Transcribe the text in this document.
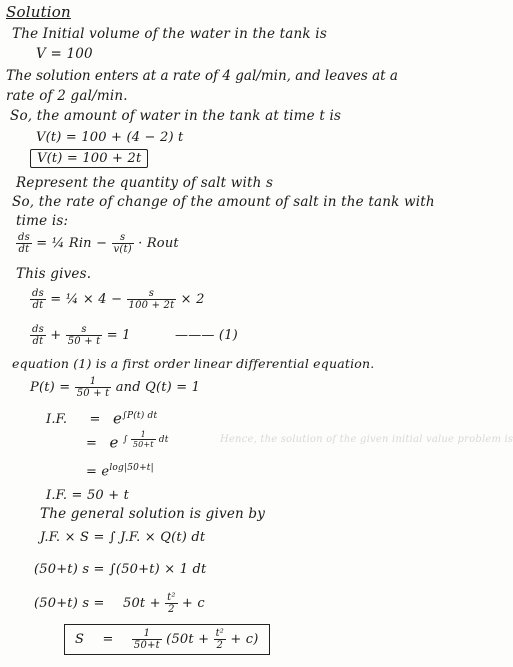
Solution
The Initial volume of the water in the tank is
V = 100
The solution enters at a rate of 4 gal/min, and leaves at a
rate of 2 gal/min.
So, the amount of water in the tank at time t is
V(t) = 100 + (4 − 2) t
V(t) = 100 + 2t
Represent the quantity of salt with s
So, the rate of change of the amount of salt in the tank with
time is:
$\frac{ds}{dt}$ = ¼ Rin − $\frac{s}{v(t)}$ · Rout
This gives.
$\frac{ds}{dt}$ = ¼ × $4 - \frac{s}{100 + 2t} \times 2$
$\frac{ds}{dt} + \frac{s}{50 + t} = 1$	——— (1)
equation (1) is a first order linear differential equation.
$P(t) = \frac{1}{50 + t}$ and Q(t) = 1
I.F. = $e^{\int P(t) dt}$
= e $^{\int \frac{1}{50+t} dt}$	Hence, the solution of the given initial value problem is
= $e^{log|50+t|}$
I.F. = 50 + t
The general solution is given by
J.F. × S = ∫ J.F. × Q(t) dt
(50+t) s = ∫(50+t) × 1 dt
(50+t) $s = 50t + \frac{\text{t²}}{2} + c$
$S = \frac{1}{50+t} (50t + \frac{\text{t²}}{2} + c)$
